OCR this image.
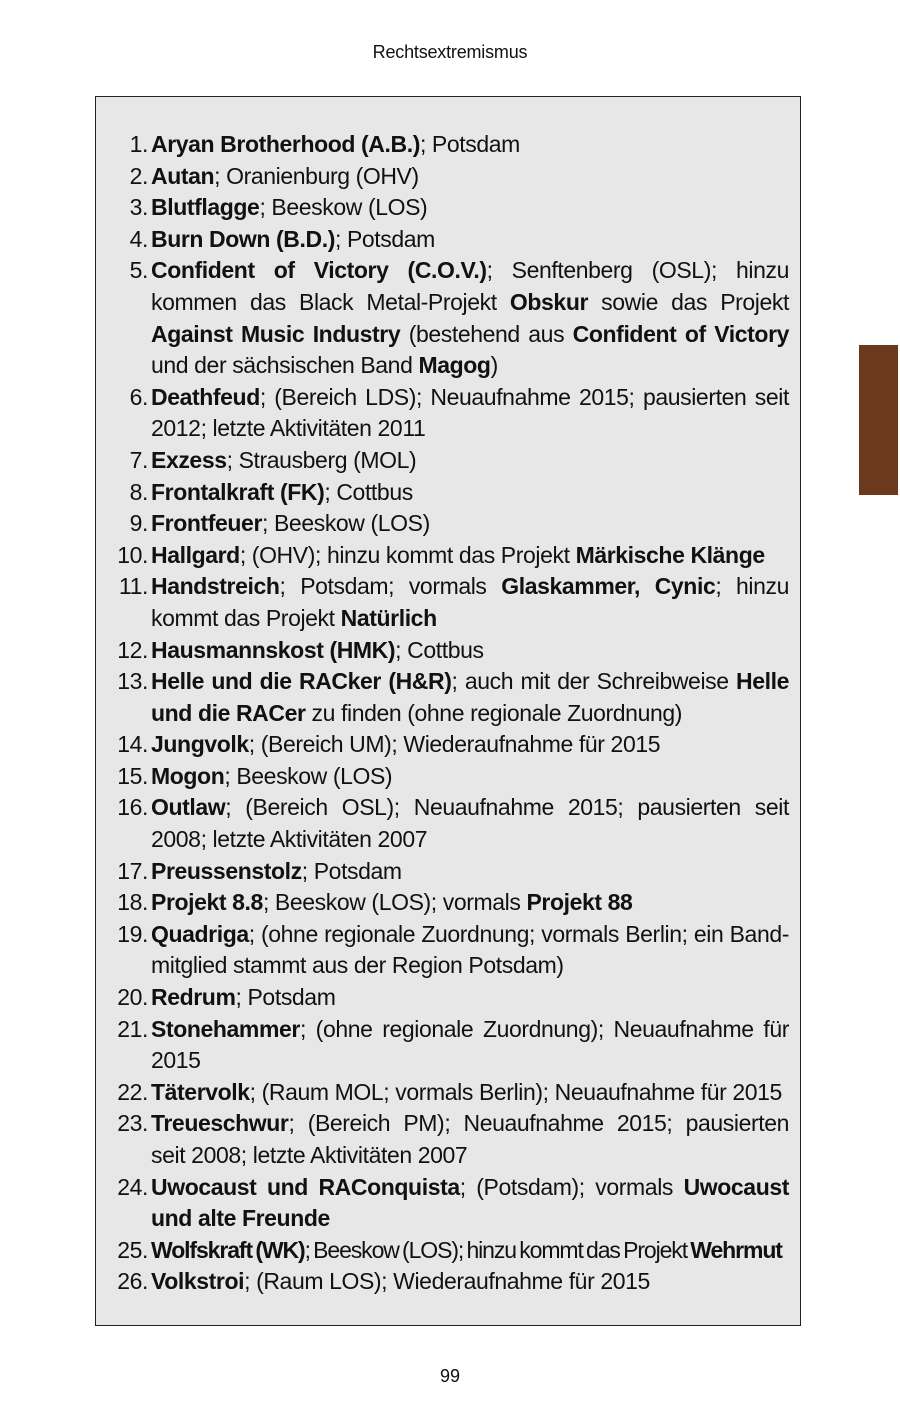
Rechtsextremismus
1.
Aryan Brotherhood (A.B.); Potsdam
2.
Autan; Oranienburg (OHV)
3.
Blutflagge; Beeskow (LOS)
4.
Burn Down (B.D.); Potsdam
5.
Confident of Victory (C.O.V.); Senftenberg (OSL); hinzu kommen das Black Metal-Projekt Obskur sowie das Projekt Against Music Industry (bestehend aus Confident of Victory und der sächsischen Band Magog)
6.
Deathfeud; (Bereich LDS); Neuaufnahme 2015; pausierten seit 2012; letzte Aktivitäten 2011
7.
Exzess; Strausberg (MOL)
8.
Frontalkraft (FK); Cottbus
9.
Frontfeuer; Beeskow (LOS)
10.
Hallgard; (OHV); hinzu kommt das Projekt Märkische Klänge
11.
Handstreich; Potsdam; vormals Glaskammer, Cynic; hinzu kommt das Projekt Natürlich
12.
Hausmannskost (HMK); Cottbus
13.
Helle und die RACker (H&R); auch mit der Schreibweise Helle und die RACer zu finden (ohne regionale Zuordnung)
14.
Jungvolk; (Bereich UM); Wiederaufnahme für 2015
15.
Mogon; Beeskow (LOS)
16.
Outlaw; (Bereich OSL); Neuaufnahme 2015; pausierten seit 2008; letzte Aktivitäten 2007
17.
Preussenstolz; Potsdam
18.
Projekt 8.8; Beeskow (LOS); vormals Projekt 88
19.
Quadriga; (ohne regionale Zuordnung; vormals Berlin; ein Band-mitglied stammt aus der Region Potsdam)
20.
Redrum; Potsdam
21.
Stonehammer; (ohne regionale Zuordnung); Neuaufnahme für 2015
22.
Tätervolk; (Raum MOL; vormals Berlin); Neuaufnahme für 2015
23.
Treueschwur; (Bereich PM); Neuaufnahme 2015; pausierten seit 2008; letzte Aktivitäten 2007
24.
Uwocaust und RAConquista; (Potsdam); vormals Uwocaust und alte Freunde
25.
Wolfskraft (WK); Beeskow (LOS); hinzu kommt das Projekt Wehrmut
26.
Volkstroi; (Raum LOS); Wiederaufnahme für 2015
99
